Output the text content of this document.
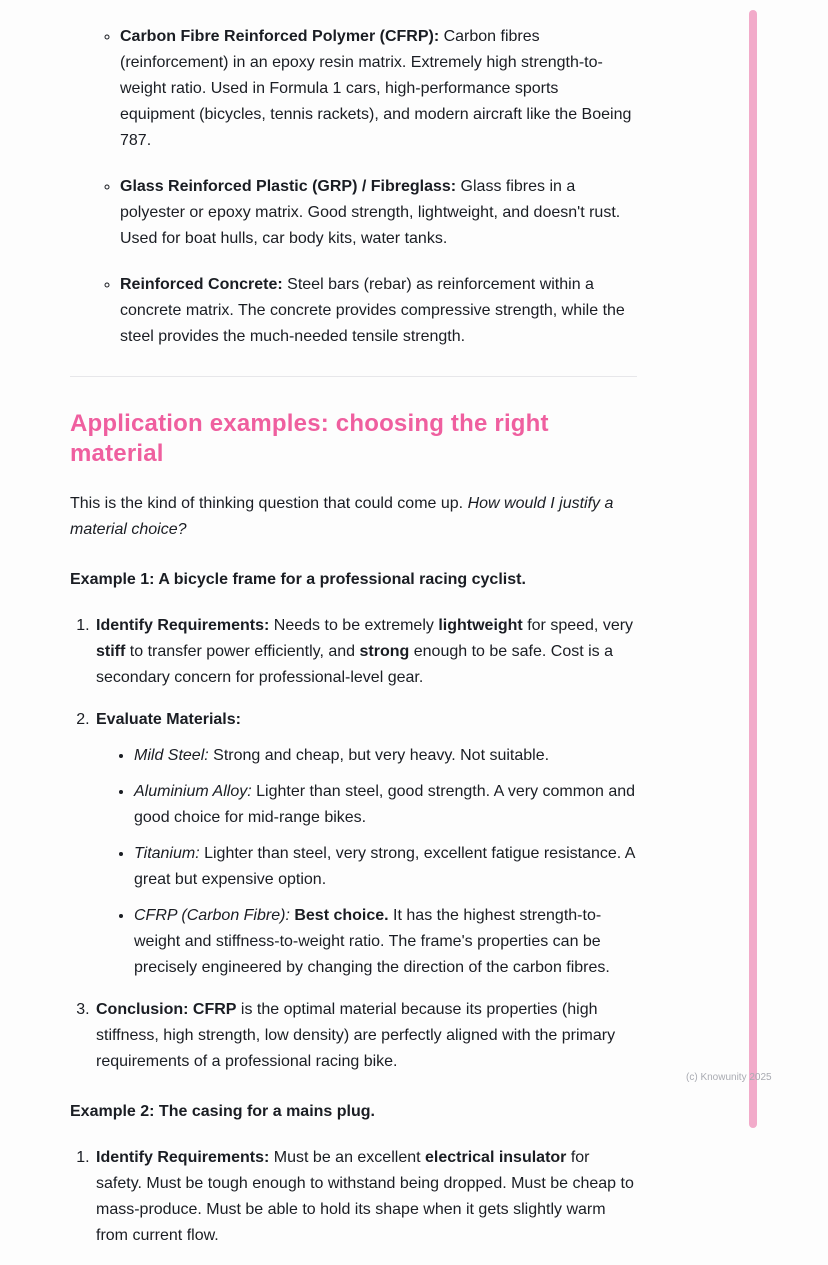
◦ Carbon Fibre Reinforced Polymer (CFRP): Carbon fibres (reinforcement) in an epoxy resin matrix. Extremely high strength-to-weight ratio. Used in Formula 1 cars, high-performance sports equipment (bicycles, tennis rackets), and modern aircraft like the Boeing 787.
◦ Glass Reinforced Plastic (GRP) / Fibreglass: Glass fibres in a polyester or epoxy matrix. Good strength, lightweight, and doesn't rust. Used for boat hulls, car body kits, water tanks.
◦ Reinforced Concrete: Steel bars (rebar) as reinforcement within a concrete matrix. The concrete provides compressive strength, while the steel provides the much-needed tensile strength.
Application examples: choosing the right material

This is the kind of thinking question that could come up. How would I justify a material choice?

Example 1: A bicycle frame for a professional racing cyclist.

1. Identify Requirements: Needs to be extremely lightweight for speed, very stiff to transfer power efficiently, and strong enough to be safe. Cost is a secondary concern for professional-level gear.
2. Evaluate Materials:
• Mild Steel: Strong and cheap, but very heavy. Not suitable.
• Aluminium Alloy: Lighter than steel, good strength. A very common and good choice for mid-range bikes.
• Titanium: Lighter than steel, very strong, excellent fatigue resistance. A great but expensive option.
• CFRP (Carbon Fibre): Best choice. It has the highest strength-to-weight and stiffness-to-weight ratio. The frame's properties can be precisely engineered by changing the direction of the carbon fibres.
3. Conclusion: CFRP is the optimal material because its properties (high stiffness, high strength, low density) are perfectly aligned with the primary requirements of a professional racing bike.

Example 2: The casing for a mains plug.

1. Identify Requirements: Must be an excellent electrical insulator for safety. Must be tough enough to withstand being dropped. Must be cheap to mass-produce. Must be able to hold its shape when it gets slightly warm from current flow.
(c) Knowunity 2025
